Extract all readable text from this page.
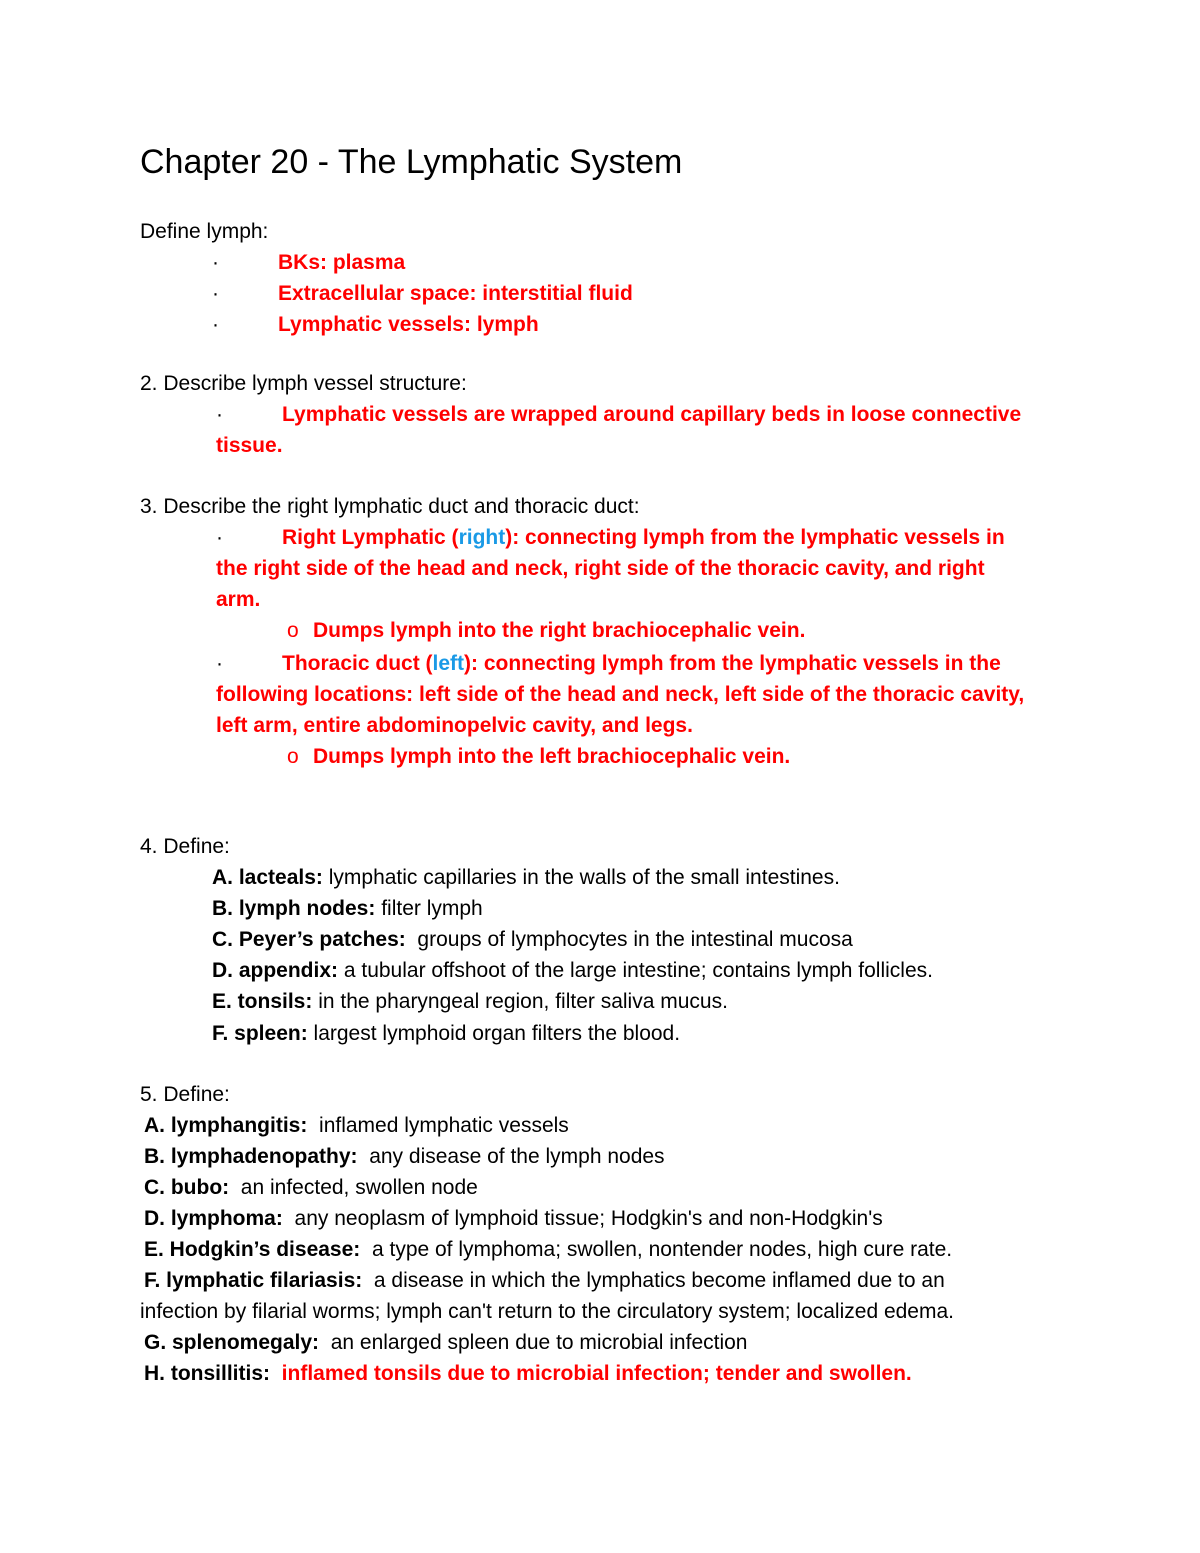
Chapter 20 - The Lymphatic System
Define lymph:
·	BKs: plasma
·	Extracellular space: interstitial fluid
·	Lymphatic vessels: lymph
2. Describe lymph vessel structure:
·	Lymphatic vessels are wrapped around capillary beds in loose connective
tissue.
3. Describe the right lymphatic duct and thoracic duct:
·	Right Lymphatic (right): connecting lymph from the lymphatic vessels in
the right side of the head and neck, right side of the thoracic cavity, and right
arm.
o Dumps lymph into the right brachiocephalic vein.
·	Thoracic duct (left): connecting lymph from the lymphatic vessels in the
following locations: left side of the head and neck, left side of the thoracic cavity,
left arm, entire abdominopelvic cavity, and legs.
o Dumps lymph into the left brachiocephalic vein.
4. Define:
A. lacteals: lymphatic capillaries in the walls of the small intestines.
B. lymph nodes: filter lymph
C. Peyer’s patches:  groups of lymphocytes in the intestinal mucosa
D. appendix: a tubular offshoot of the large intestine; contains lymph follicles.
E. tonsils: in the pharyngeal region, filter saliva mucus.
F. spleen: largest lymphoid organ filters the blood.
5. Define:
A. lymphangitis:  inflamed lymphatic vessels
B. lymphadenopathy:  any disease of the lymph nodes
C. bubo:  an infected, swollen node
D. lymphoma:  any neoplasm of lymphoid tissue; Hodgkin's and non-Hodgkin's
E. Hodgkin’s disease:  a type of lymphoma; swollen, nontender nodes, high cure rate.
F. lymphatic filariasis:  a disease in which the lymphatics become inflamed due to an
infection by filarial worms; lymph can't return to the circulatory system; localized edema.
G. splenomegaly:  an enlarged spleen due to microbial infection
H. tonsillitis:  inflamed tonsils due to microbial infection; tender and swollen.
